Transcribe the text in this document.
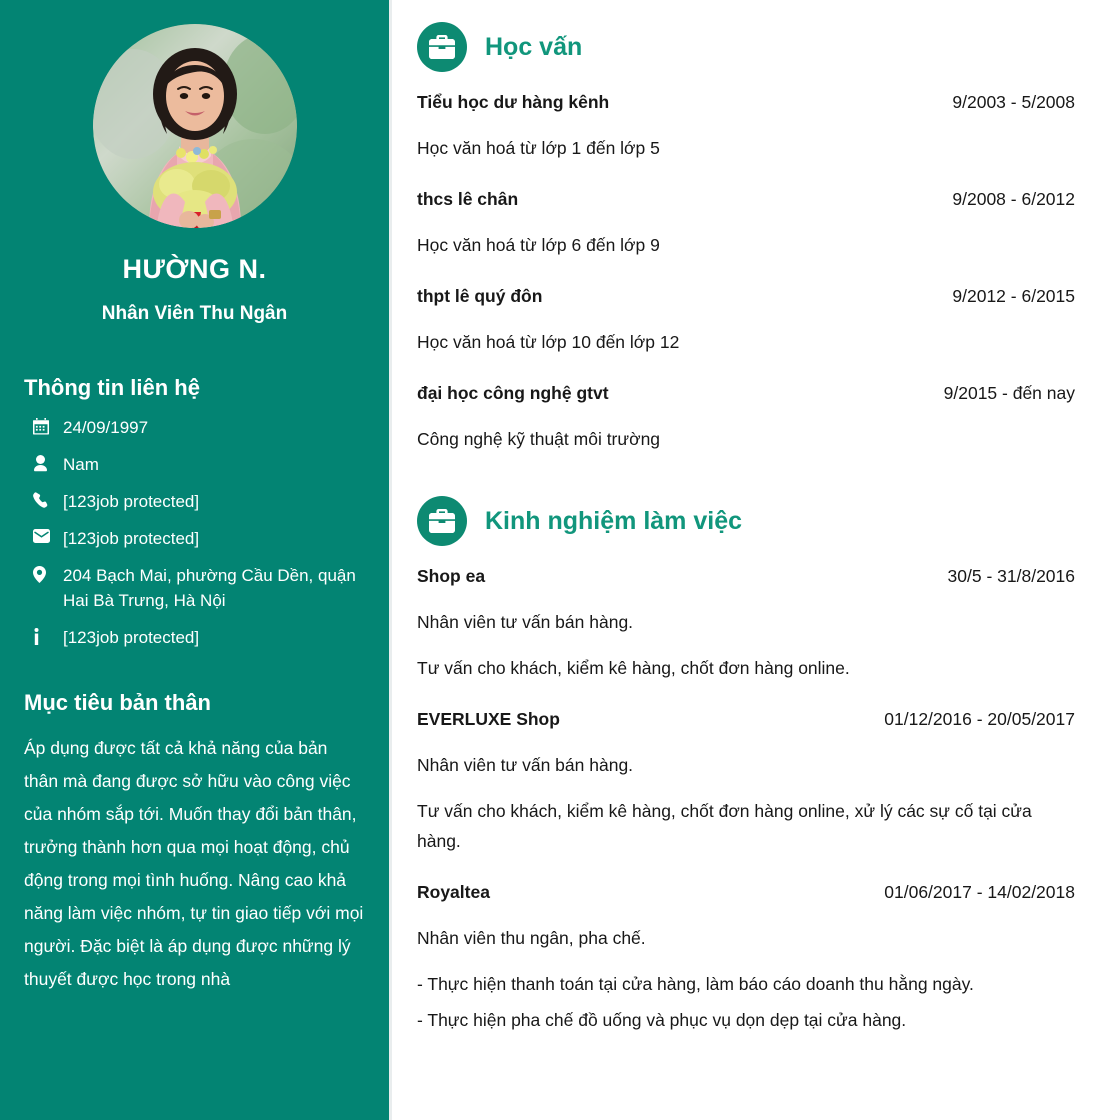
HƯỜNG N.
Nhân Viên Thu Ngân
Thông tin liên hệ
24/09/1997
Nam
[123job protected]
[123job protected]
204 Bạch Mai, phường Cầu Dền, quận Hai Bà Trưng, Hà Nội
[123job protected]
Mục tiêu bản thân

Áp dụng được tất cả khả năng của bản thân mà đang được sở hữu vào công việc của nhóm sắp tới. Muốn thay đổi bản thân, trưởng thành hơn qua mọi hoạt động, chủ động trong mọi tình huống. Nâng cao khả năng làm việc nhóm, tự tin giao tiếp với mọi người. Đặc biệt là áp dụng được những lý thuyết được học trong nhà

Học vấn
Tiểu học dư hàng kênh	9/2003 - 5/2008
Học văn hoá từ lớp 1 đến lớp 5
thcs lê chân	9/2008 - 6/2012
Học văn hoá từ lớp 6 đến lớp 9
thpt lê quý đôn	9/2012 - 6/2015
Học văn hoá từ lớp 10 đến lớp 12
đại học công nghệ gtvt	9/2015 - đến nay
Công nghệ kỹ thuật môi trường
Kinh nghiệm làm việc
Shop ea	30/5 - 31/8/2016
Nhân viên tư vấn bán hàng.
Tư vấn cho khách, kiểm kê hàng, chốt đơn hàng online.
EVERLUXE Shop	01/12/2016 - 20/05/2017
Nhân viên tư vấn bán hàng.
Tư vấn cho khách, kiểm kê hàng, chốt đơn hàng online, xử lý các sự cố tại cửa hàng.
Royaltea	01/06/2017 - 14/02/2018
Nhân viên thu ngân, pha chế.
- Thực hiện thanh toán tại cửa hàng, làm báo cáo doanh thu hằng ngày.
- Thực hiện pha chế đồ uống và phục vụ dọn dẹp tại cửa hàng.
